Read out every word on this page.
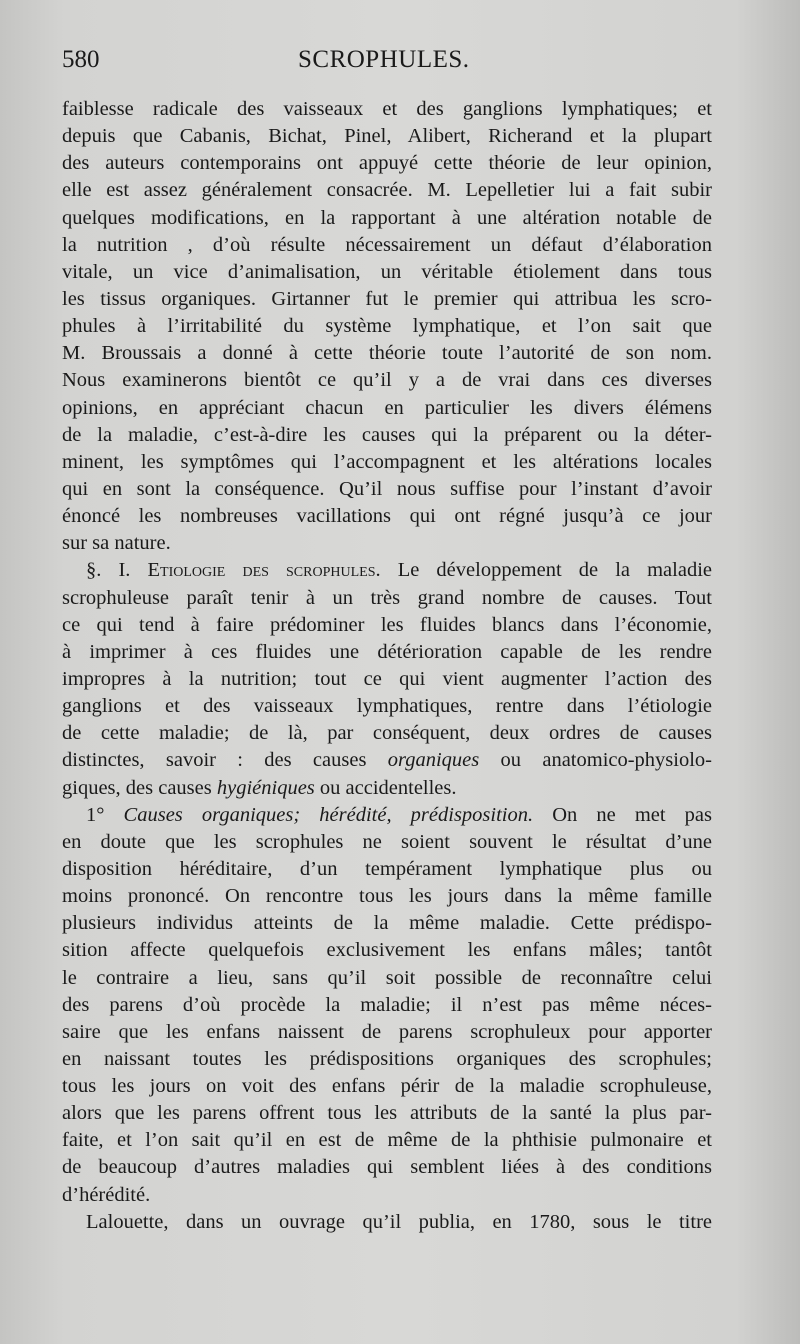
580	SCROPHULES.
faiblesse radicale des vaisseaux et des ganglions lymphatiques; et
depuis que Cabanis, Bichat, Pinel, Alibert, Richerand et la plupart
des auteurs contemporains ont appuyé cette théorie de leur opinion,
elle est assez généralement consacrée. M. Lepelletier lui a fait subir
quelques modifications, en la rapportant à une altération notable de
la nutrition , d’où résulte nécessairement un défaut d’élaboration
vitale, un vice d’animalisation, un véritable étiolement dans tous
les tissus organiques. Girtanner fut le premier qui attribua les scro-
phules à l’irritabilité du système lymphatique, et l’on sait que
M. Broussais a donné à cette théorie toute l’autorité de son nom.
Nous examinerons bientôt ce qu’il y a de vrai dans ces diverses
opinions, en appréciant chacun en particulier les divers élémens
de la maladie, c’est-à-dire les causes qui la préparent ou la déter-
minent, les symptômes qui l’accompagnent et les altérations locales
qui en sont la conséquence. Qu’il nous suffise pour l’instant d’avoir
énoncé les nombreuses vacillations qui ont régné jusqu’à ce jour
sur sa nature.
§. I. Etiologie des scrophules. Le développement de la maladie
scrophuleuse paraît tenir à un très grand nombre de causes. Tout
ce qui tend à faire prédominer les fluides blancs dans l’économie,
à imprimer à ces fluides une détérioration capable de les rendre
impropres à la nutrition; tout ce qui vient augmenter l’action des
ganglions et des vaisseaux lymphatiques, rentre dans l’étiologie
de cette maladie; de là, par conséquent, deux ordres de causes
distinctes, savoir : des causes organiques ou anatomico-physiolo-
giques, des causes hygiéniques ou accidentelles.
1° Causes organiques; hérédité, prédisposition. On ne met pas
en doute que les scrophules ne soient souvent le résultat d’une
disposition héréditaire, d’un tempérament lymphatique plus ou
moins prononcé. On rencontre tous les jours dans la même famille
plusieurs individus atteints de la même maladie. Cette prédispo-
sition affecte quelquefois exclusivement les enfans mâles; tantôt
le contraire a lieu, sans qu’il soit possible de reconnaître celui
des parens d’où procède la maladie; il n’est pas même néces-
saire que les enfans naissent de parens scrophuleux pour apporter
en naissant toutes les prédispositions organiques des scrophules;
tous les jours on voit des enfans périr de la maladie scrophuleuse,
alors que les parens offrent tous les attributs de la santé la plus par-
faite, et l’on sait qu’il en est de même de la phthisie pulmonaire et
de beaucoup d’autres maladies qui semblent liées à des conditions
d’hérédité.
Lalouette, dans un ouvrage qu’il publia, en 1780, sous le titre
